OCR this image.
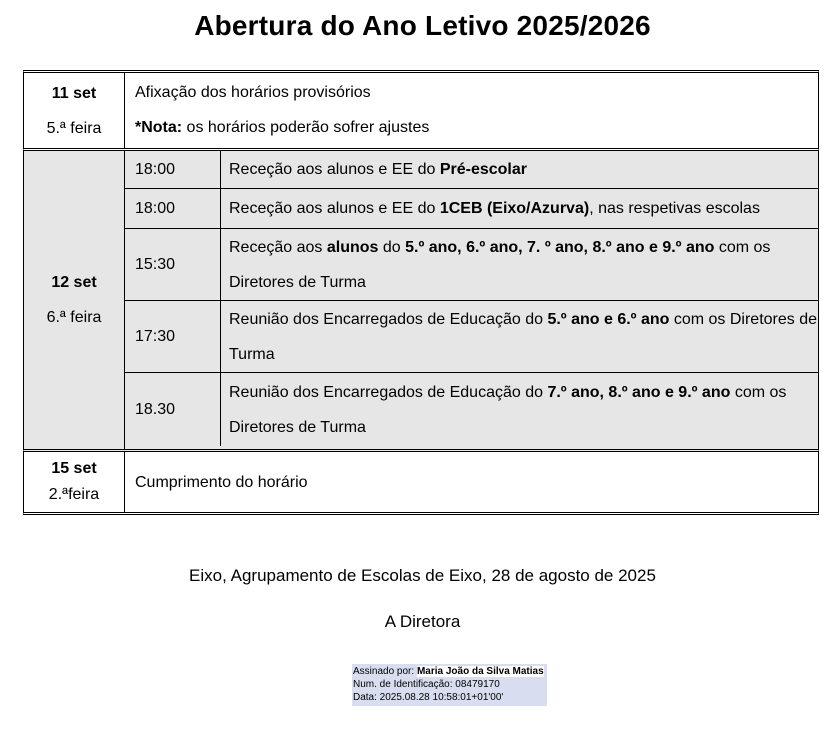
Abertura do Ano Letivo 2025/2026
11 set
5.ª feira
Afixação dos horários provisórios
*Nota: os horários poderão sofrer ajustes
12 set
6.ª feira
18:00	Receção aos alunos e EE do Pré-escolar
18:00	Receção aos alunos e EE do 1CEB (Eixo/Azurva), nas respetivas escolas
15:30
Receção aos alunos do 5.º ano, 6.º ano, 7. º ano, 8.º ano e 9.º ano com os Diretores de Turma
17:30
Reunião dos Encarregados de Educação do 5.º ano e 6.º ano com os Diretores de Turma
18.30
Reunião dos Encarregados de Educação do 7.º ano, 8.º ano e 9.º ano com os Diretores de Turma
15 set
2.ªfeira
Cumprimento do horário
Eixo, Agrupamento de Escolas de Eixo, 28 de agosto de 2025
A Diretora
Assinado por: Maria João da Silva Matias
Num. de Identificação: 08479170
Data: 2025.08.28 10:58:01+01'00'
